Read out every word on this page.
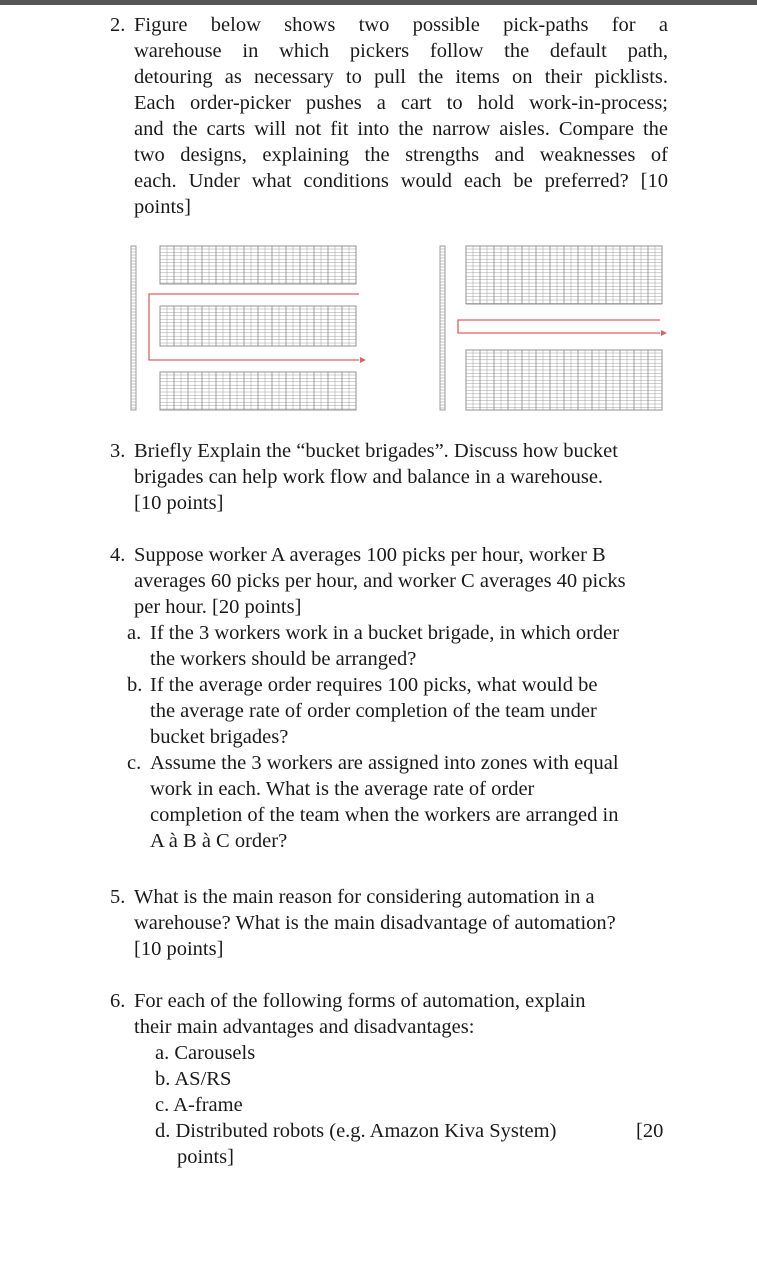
2. Figure below shows two possible pick-paths for a
warehouse in which pickers follow the default path,
detouring as necessary to pull the items on their picklists.
Each order-picker pushes a cart to hold work-in-process;
and the carts will not fit into the narrow aisles. Compare the
two designs, explaining the strengths and weaknesses of
each. Under what conditions would each be preferred? [10
points]
3. Briefly Explain the “bucket brigades”. Discuss how bucket
brigades can help work flow and balance in a warehouse.
[10 points]
4. Suppose worker A averages 100 picks per hour, worker B
averages 60 picks per hour, and worker C averages 40 picks
per hour. [20 points]
a. If the 3 workers work in a bucket brigade, in which order
the workers should be arranged?
b. If the average order requires 100 picks, what would be
the average rate of order completion of the team under
bucket brigades?
c. Assume the 3 workers are assigned into zones with equal
work in each. What is the average rate of order
completion of the team when the workers are arranged in
A à B à C order?
5. What is the main reason for considering automation in a
warehouse? What is the main disadvantage of automation?
[10 points]
6. For each of the following forms of automation, explain
their main advantages and disadvantages:
a. Carousels
b. AS/RS
c. A-frame
d. Distributed robots (e.g. Amazon Kiva System)	[20
points]
